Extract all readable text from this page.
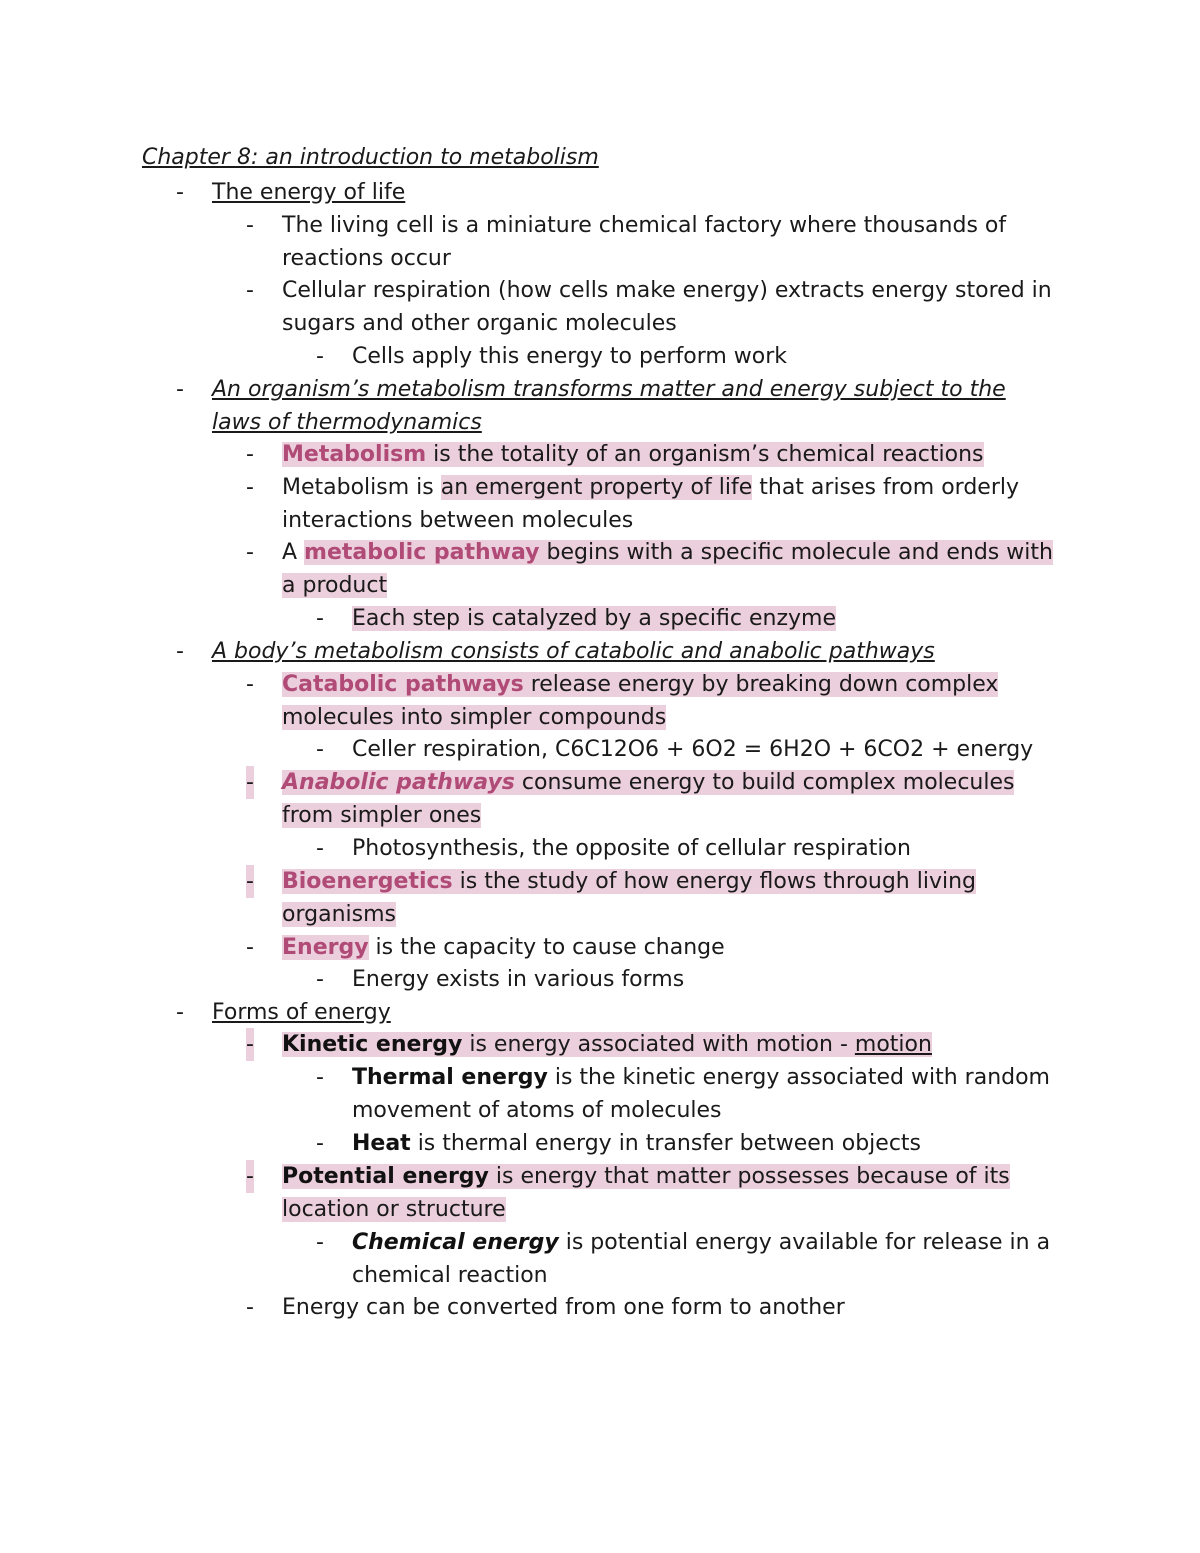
Chapter 8: an introduction to metabolism
- The energy of life
- The living cell is a miniature chemical factory where thousands of reactions occur
- Cellular respiration (how cells make energy) extracts energy stored in sugars and other organic molecules
- Cells apply this energy to perform work
- An organism’s metabolism transforms matter and energy subject to the laws of thermodynamics
- Metabolism is the totality of an organism’s chemical reactions
- Metabolism is an emergent property of life that arises from orderly interactions between molecules
- A metabolic pathway begins with a specific molecule and ends with a product
- Each step is catalyzed by a specific enzyme
- A body’s metabolism consists of catabolic and anabolic pathways
- Catabolic pathways release energy by breaking down complex molecules into simpler compounds
- Celler respiration, C6C12O6 + 6O2 = 6H2O + 6CO2 + energy
- Anabolic pathways consume energy to build complex molecules from simpler ones
- Photosynthesis, the opposite of cellular respiration
- Bioenergetics is the study of how energy flows through living organisms
- Energy is the capacity to cause change
- Energy exists in various forms
- Forms of energy
- Kinetic energy is energy associated with motion - motion
- Thermal energy is the kinetic energy associated with random movement of atoms of molecules
- Heat is thermal energy in transfer between objects
- Potential energy is energy that matter possesses because of its location or structure
- Chemical energy is potential energy available for release in a chemical reaction
- Energy can be converted from one form to another
